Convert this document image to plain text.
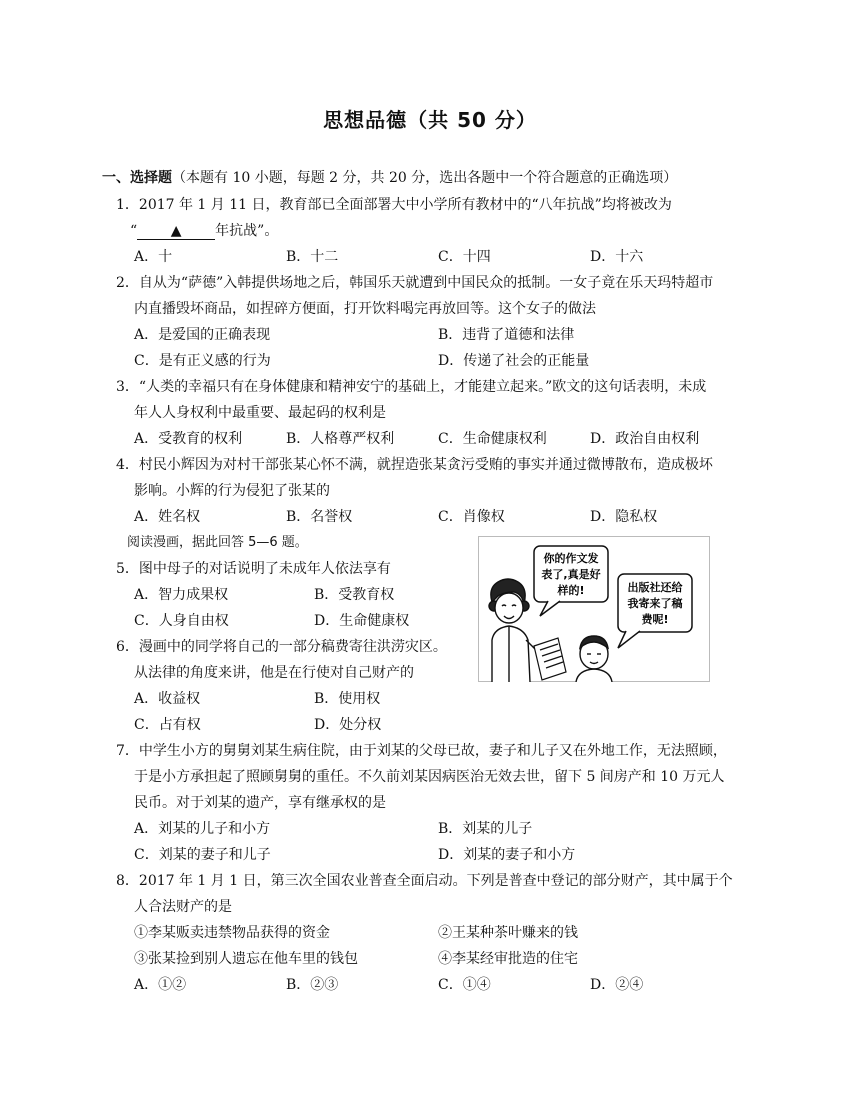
思想品德（共 50 分）
一、选择题（本题有 10 小题，每题 2 分，共 20 分，选出各题中一个符合题意的正确选项）
1．2017 年 1 月 11 日，教育部已全面部署大中小学所有教材中的“八年抗战”均将被改为
“ ▲ 年抗战”。
A．十	B．十二	C．十四	D．十六
2．自从为“萨德”入韩提供场地之后，韩国乐天就遭到中国民众的抵制。一女子竟在乐天玛特超市
内直播毁坏商品，如捏碎方便面，打开饮料喝完再放回等。这个女子的做法
A．是爱国的正确表现	B．违背了道德和法律
C．是有正义感的行为	D．传递了社会的正能量
3．“人类的幸福只有在身体健康和精神安宁的基础上，才能建立起来。”欧文的这句话表明，未成
年人人身权利中最重要、最起码的权利是
A．受教育的权利	B．人格尊严权利	C．生命健康权利	D．政治自由权利
4．村民小辉因为对村干部张某心怀不满，就捏造张某贪污受贿的事实并通过微博散布，造成极坏
影响。小辉的行为侵犯了张某的
A．姓名权	B．名誉权	C．肖像权	D．隐私权
阅读漫画，据此回答 5—6 题。
5．图中母子的对话说明了未成年人依法享有
A．智力成果权	B．受教育权
C．人身自由权	D．生命健康权
6．漫画中的同学将自己的一部分稿费寄往洪涝灾区。
从法律的角度来讲，他是在行使对自己财产的
A．收益权	B．使用权
C．占有权	D．处分权
你的作文发
表了,真是好
样的!	出版社还给
我寄来了稿
费呢!
7．中学生小方的舅舅刘某生病住院，由于刘某的父母已故，妻子和儿子又在外地工作，无法照顾，
于是小方承担起了照顾舅舅的重任。不久前刘某因病医治无效去世，留下 5 间房产和 10 万元人
民币。对于刘某的遗产，享有继承权的是
A．刘某的儿子和小方	B．刘某的儿子
C．刘某的妻子和儿子	D．刘某的妻子和小方
8．2017 年 1 月 1 日，第三次全国农业普查全面启动。下列是普查中登记的部分财产，其中属于个
人合法财产的是
①李某贩卖违禁物品获得的资金	②王某种茶叶赚来的钱
③张某捡到别人遗忘在他车里的钱包	④李某经审批造的住宅
A．①②	B．②③	C．①④	D．②④
